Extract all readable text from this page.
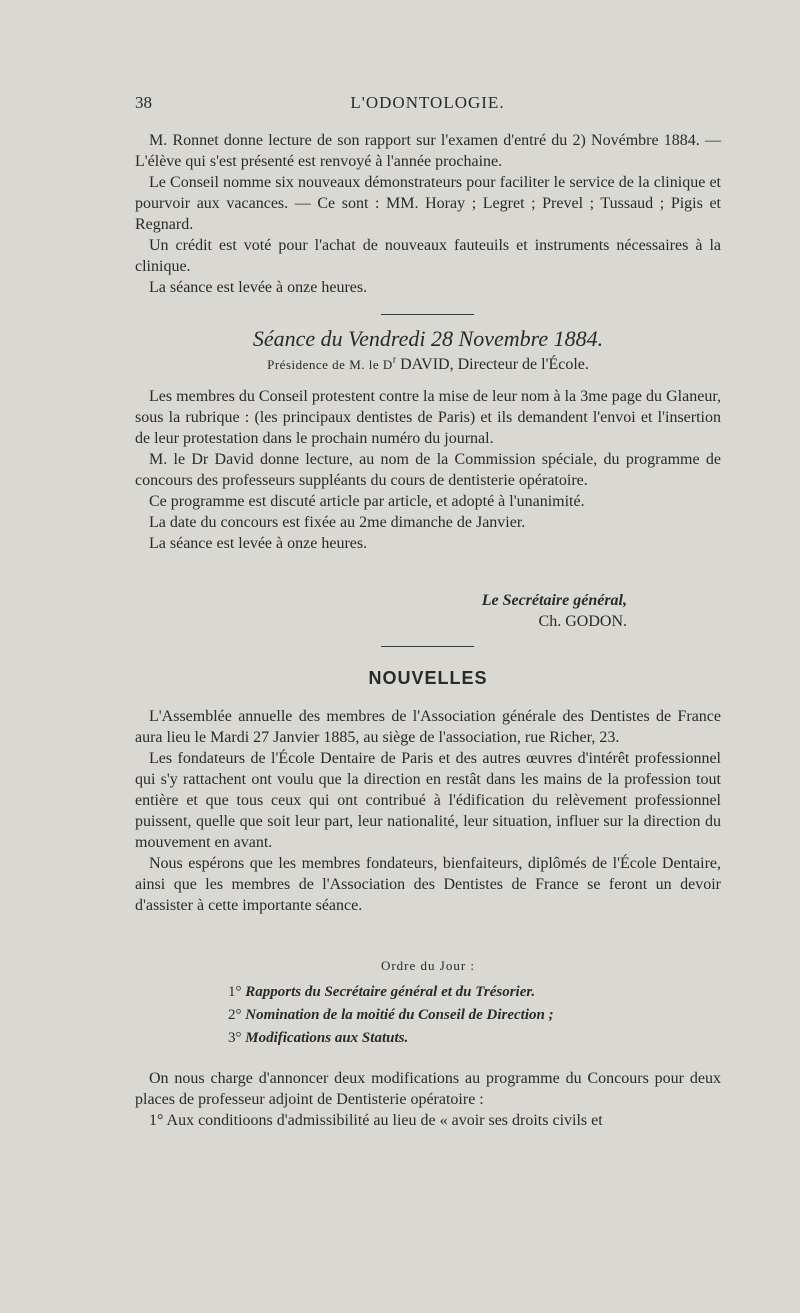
38	L'ODONTOLOGIE.

M. Ronnet donne lecture de son rapport sur l'examen d'entré du 2) Novémbre 1884. — L'élève qui s'est présenté est renvoyé à l'année prochaine.

Le Conseil nomme six nouveaux démonstrateurs pour faciliter le service de la clinique et pourvoir aux vacances. — Ce sont : MM. Horay ; Legret ; Prevel ; Tussaud ; Pigis et Regnard.

Un crédit est voté pour l'achat de nouveaux fauteuils et instruments nécessaires à la clinique.

La séance est levée à onze heures.

Séance du Vendredi 28 Novembre 1884.
Présidence de M. le $D^r$ DAVID, Directeur de l'École.

Les membres du Conseil protestent contre la mise de leur nom à la 3me page du Glaneur, sous la rubrique : (les principaux dentistes de Paris) et ils demandent l'envoi et l'insertion de leur protestation dans le prochain numéro du journal.

M. le Dr David donne lecture, au nom de la Commission spéciale, du programme de concours des professeurs suppléants du cours de dentisterie opératoire.

Ce programme est discuté article par article, et adopté à l'unanimité.

La date du concours est fixée au 2me dimanche de Janvier.

La séance est levée à onze heures.

Le Secrétaire général,
Ch. GODON.
NOUVELLES

L'Assemblée annuelle des membres de l'Association générale des Dentistes de France aura lieu le Mardi 27 Janvier 1885, au siège de l'association, rue Richer, 23.

Les fondateurs de l'École Dentaire de Paris et des autres œuvres d'intérêt professionnel qui s'y rattachent ont voulu que la direction en restât dans les mains de la profession tout entière et que tous ceux qui ont contribué à l'édification du relèvement professionnel puissent, quelle que soit leur part, leur nationalité, leur situation, influer sur la direction du mouvement en avant.

Nous espérons que les membres fondateurs, bienfaiteurs, diplômés de l'École Dentaire, ainsi que les membres de l'Association des Dentistes de France se feront un devoir d'assister à cette importante séance.

Ordre du Jour :
1° Rapports du Secrétaire général et du Trésorier.
2° Nomination de la moitié du Conseil de Direction ;
3° Modifications aux Statuts.

On nous charge d'annoncer deux modifications au programme du Concours pour deux places de professeur adjoint de Dentisterie opératoire :

1° Aux conditioons d'admissibilité au lieu de « avoir ses droits civils et
